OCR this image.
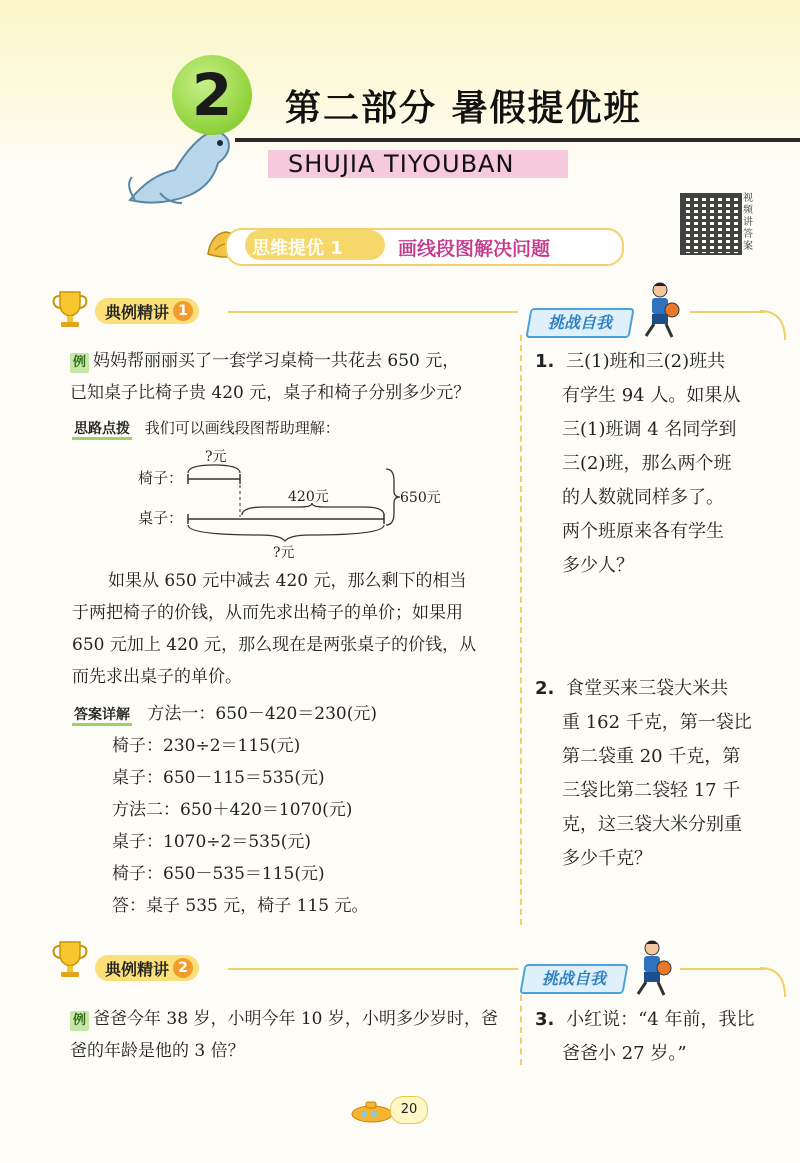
2	第二部分 暑假提优班
SHUJIA TIYOUBAN
视频讲答案
思维提优 1	画线段图解决问题
典例精讲 1
挑战自我
例 妈妈帮丽丽买了一套学习桌椅一共花去 650 元，
已知桌子比椅子贵 420 元，桌子和椅子分别多少元？
思路点拨 我们可以画线段图帮助理解：
?元
椅子：
420元
桌子：
650元
?元
如果从 650 元中减去 420 元，那么剩下的相当
于两把椅子的价钱，从而先求出椅子的单价；如果用
650 元加上 420 元，那么现在是两张桌子的价钱，从
而先求出桌子的单价。
答案详解 方法一：650－420＝230(元)
椅子：230÷2＝115(元)
桌子：650－115＝535(元)
方法二：650＋420＝1070(元)
桌子：1070÷2＝535(元)
椅子：650－535＝115(元)
答：桌子 535 元，椅子 115 元。
1. 三(1)班和三(2)班共
有学生 94 人。如果从
三(1)班调 4 名同学到
三(2)班，那么两个班
的人数就同样多了。
两个班原来各有学生
多少人？
2. 食堂买来三袋大米共
重 162 千克，第一袋比
第二袋重 20 千克，第
三袋比第二袋轻 17 千
克，这三袋大米分别重
多少千克？
典例精讲 2
挑战自我
例 爸爸今年 38 岁，小明今年 10 岁，小明多少岁时，爸
爸的年龄是他的 3 倍？
3. 小红说：“4 年前，我比
爸爸小 27 岁。”
20
